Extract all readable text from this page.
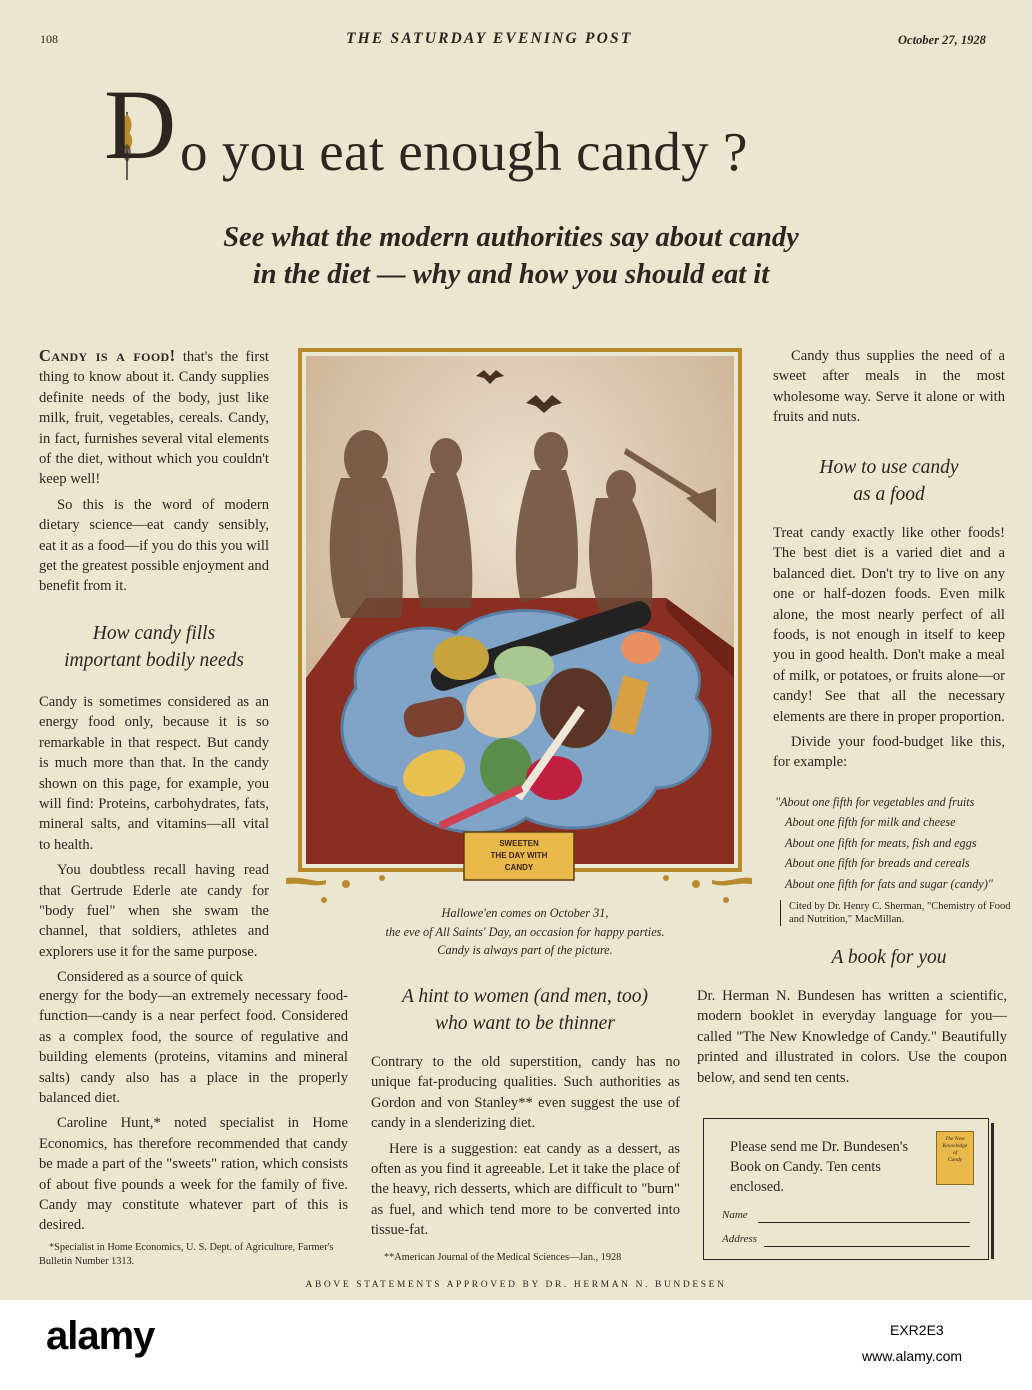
108	THE SATURDAY EVENING POST	October 27, 1928
D o you eat enough candy ?
See what the modern authorities say about candy
in the diet — why and how you should eat it

Candy is a food! that's the first thing to know about it. Candy supplies definite needs of the body, just like milk, fruit, vegetables, cereals. Candy, in fact, furnishes several vital elements of the diet, without which you couldn't keep well!

So this is the word of modern dietary science—eat candy sensibly, eat it as a food—if you do this you will get the greatest possible enjoyment and benefit from it.

How candy fills
important bodily needs

Candy is sometimes considered as an energy food only, because it is so remarkable in that respect. But candy is much more than that. In the candy shown on this page, for example, you will find: Proteins, carbohydrates, fats, mineral salts, and vitamins—all vital to health.

You doubtless recall having read that Gertrude Ederle ate candy for "body fuel" when she swam the channel, that soldiers, athletes and explorers use it for the same purpose.

Considered as a source of quick

energy for the body—an extremely necessary food-function—candy is a near perfect food. Considered as a complex food, the source of regulative and building elements (proteins, vitamins and mineral salts) candy also has a place in the properly balanced diet.

Caroline Hunt,* noted specialist in Home Economics, has therefore recommended that candy be made a part of the "sweets" ration, which consists of about five pounds a week for the family of five. Candy may constitute whatever part of this is desired.

*Specialist in Home Economics, U. S. Dept. of Agriculture, Farmer's Bulletin Number 1313.
SWEETEN
THE DAY WITH
CANDY
Hallowe'en comes on October 31,
the eve of All Saints' Day, an occasion for happy parties.
Candy is always part of the picture.
A hint to women (and men, too)
who want to be thinner

Contrary to the old superstition, candy has no unique fat-producing qualities. Such authorities as Gordon and von Stanley** even suggest the use of candy in a slenderizing diet.

Here is a suggestion: eat candy as a dessert, as often as you find it agreeable. Let it take the place of the heavy, rich desserts, which are difficult to "burn" as fuel, and which tend more to be converted into tissue-fat.

**American Journal of the Medical Sciences—Jan., 1928

Candy thus supplies the need of a sweet after meals in the most wholesome way. Serve it alone or with fruits and nuts.

How to use candy
as a food

Treat candy exactly like other foods! The best diet is a varied diet and a balanced diet. Don't try to live on any one or half-dozen foods. Even milk alone, the most nearly perfect of all foods, is not enough in itself to keep you in good health. Don't make a meal of milk, or potatoes, or fruits alone—or candy! See that all the necessary elements are there in proper proportion.

Divide your food-budget like this, for example:

"About one fifth for vegetables and fruits
About one fifth for milk and cheese
About one fifth for meats, fish and eggs
About one fifth for breads and cereals
About one fifth for fats and sugar (candy)"
Cited by Dr. Henry C. Sherman, "Chemistry of Food and Nutrition," MacMillan.
A book for you

Dr. Herman N. Bundesen has written a scientific, modern booklet in everyday language for you—called "The New Knowledge of Candy." Beautifully printed and illustrated in colors. Use the coupon below, and send ten cents.

Please send me Dr. Bundesen's Book on Candy. Ten cents enclosed.
The New
Knowledge
of
Candy
Name
Address
ABOVE STATEMENTS APPROVED BY DR. HERMAN N. BUNDESEN
alamy	EXR2E3
www.alamy.com
